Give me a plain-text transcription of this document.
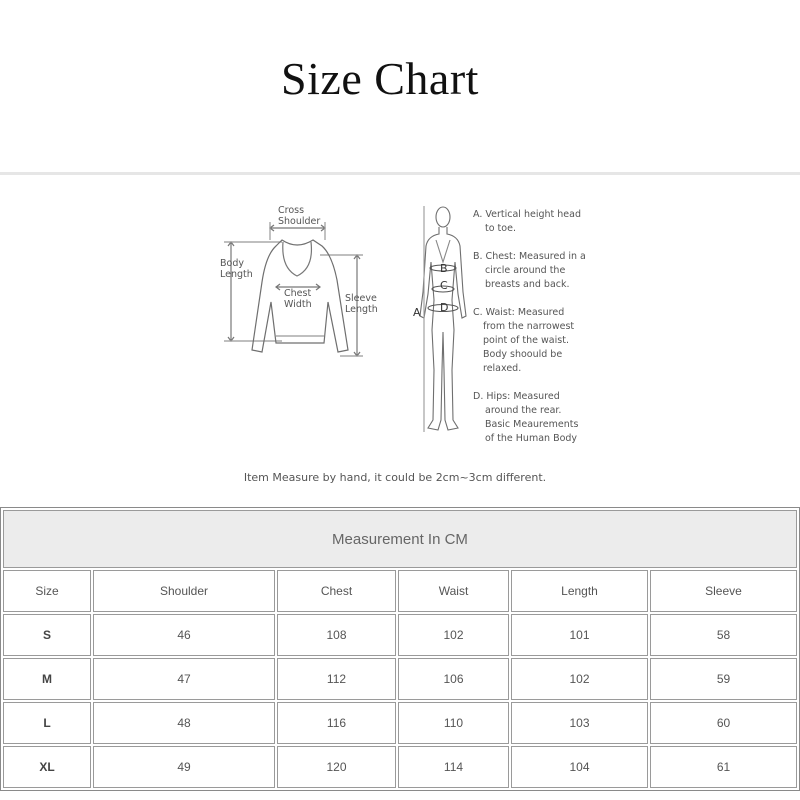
Size Chart
Cross
Shoulder
Body
Length
Chest
Width
Sleeve
Length	A
B
C
D
A. Vertical height head
to toe.
B. Chest: Measured in a
circle around the
breasts and back.
C. Waist: Measured
from the narrowest
point of the waist.
Body shoould be
relaxed.
D. Hips: Measured
around the rear.
Basic Meaurements
of the Human Body
Item Measure by hand, it could be 2cm~3cm different.
Measurement In CM					
Size	Shoulder	Chest	Waist	Length	Sleeve
S	46	108	102	101	58
M	47	112	106	102	59
L	48	116	110	103	60
XL	49	120	114	104	61
